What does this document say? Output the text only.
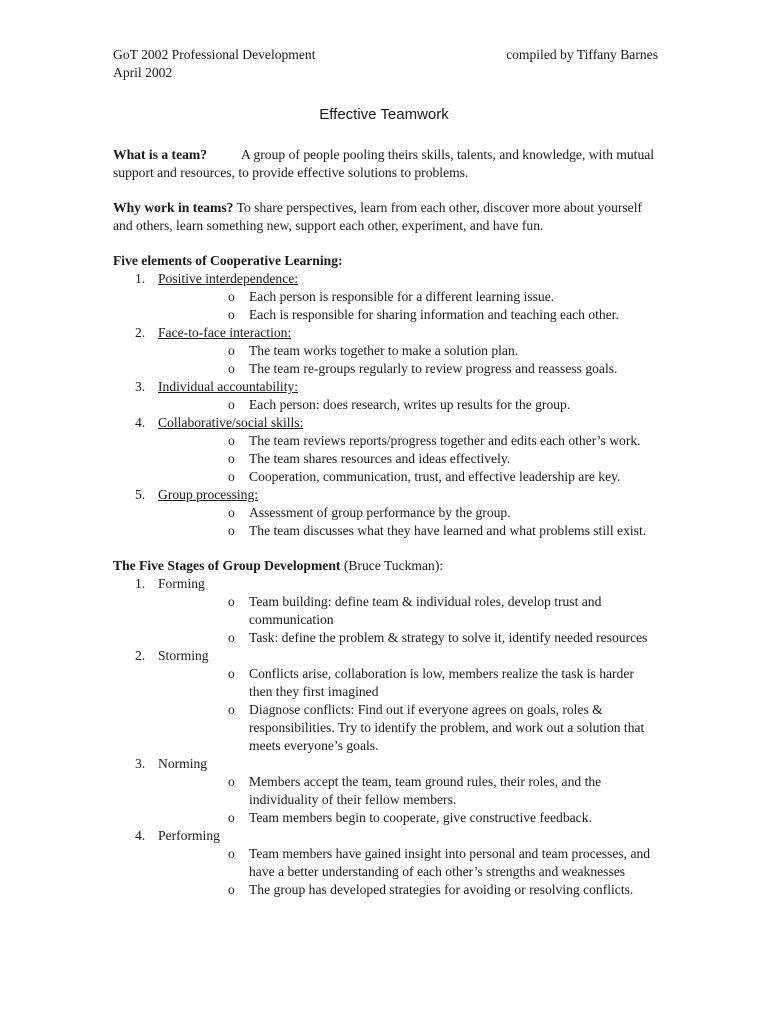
GoT 2002 Professional Development	compiled by Tiffany Barnes
April 2002
Effective Teamwork

What is a team?	A group of people pooling theirs skills, talents, and knowledge, with mutual support and resources, to provide effective solutions to problems.

Why work in teams? To share perspectives, learn from each other, discover more about yourself and others, learn something new, support each other, experiment, and have fun.

Five elements of Cooperative Learning:
1. Positive interdependence:
o Each person is responsible for a different learning issue.
o Each is responsible for sharing information and teaching each other.
2. Face-to-face interaction:
o The team works together to make a solution plan.
o The team re-groups regularly to review progress and reassess goals.
3. Individual accountability:
o Each person: does research, writes up results for the group.
4. Collaborative/social skills:
o The team reviews reports/progress together and edits each other’s work.
o The team shares resources and ideas effectively.
o Cooperation, communication, trust, and effective leadership are key.
5. Group processing:
o Assessment of group performance by the group.
o The team discusses what they have learned and what problems still exist.
The Five Stages of Group Development (Bruce Tuckman):
1. Forming
o Team building: define team & individual roles, develop trust and communication
o Task: define the problem & strategy to solve it, identify needed resources
2. Storming
o Conflicts arise, collaboration is low, members realize the task is harder then they first imagined
o Diagnose conflicts: Find out if everyone agrees on goals, roles & responsibilities. Try to identify the problem, and work out a solution that meets everyone’s goals.
3. Norming
o Members accept the team, team ground rules, their roles, and the individuality of their fellow members.
o Team members begin to cooperate, give constructive feedback.
4. Performing
o Team members have gained insight into personal and team processes, and have a better understanding of each other’s strengths and weaknesses
o The group has developed strategies for avoiding or resolving conflicts.
